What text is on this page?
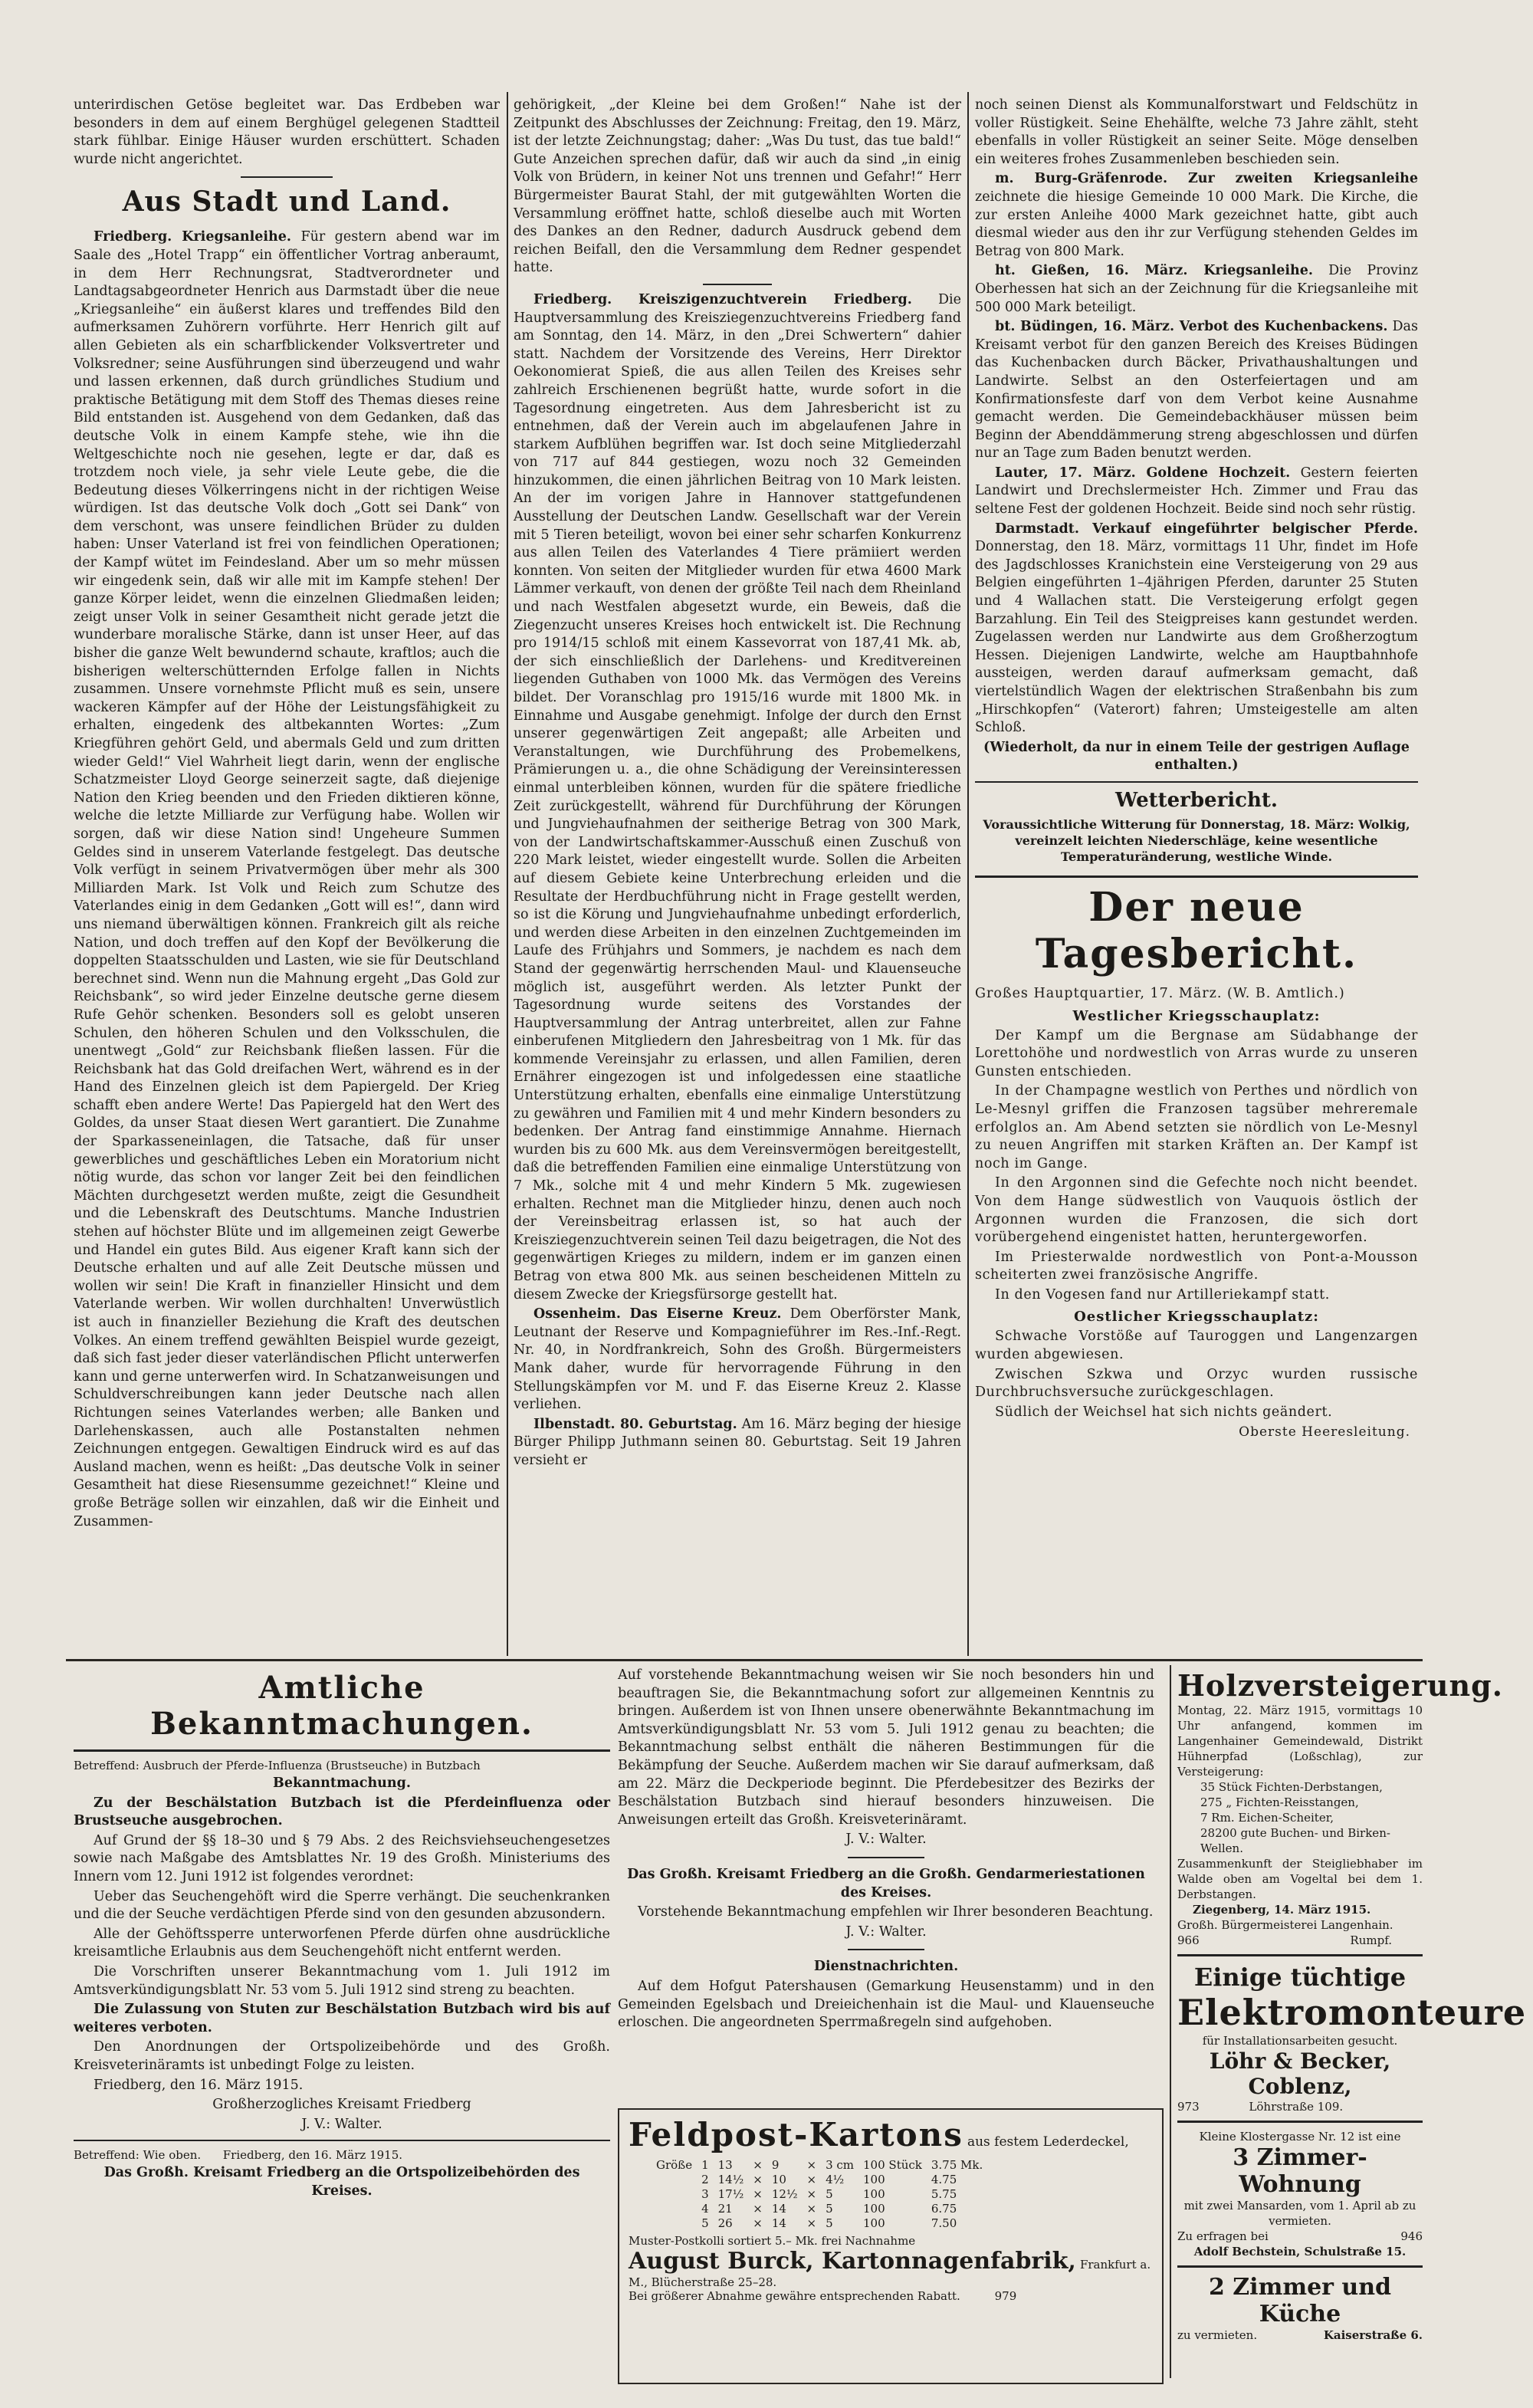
unterirdischen Getöse begleitet war. Das Erdbeben war besonders in dem auf einem Berghügel gelegenen Stadtteil stark fühlbar. Einige Häuser wurden erschüttert. Schaden wurde nicht angerichtet.

Aus Stadt und Land.

Friedberg. Kriegsanleihe. Für gestern abend war im Saale des „Hotel Trapp“ ein öffentlicher Vortrag anberaumt, in dem Herr Rechnungsrat, Stadtverordneter und Landtagsabgeordneter Henrich aus Darmstadt über die neue „Kriegsanleihe“ ein äußerst klares und treffendes Bild den aufmerksamen Zuhörern vorführte. Herr Henrich gilt auf allen Gebieten als ein scharfblickender Volksvertreter und Volksredner; seine Ausführungen sind überzeugend und wahr und lassen erkennen, daß durch gründliches Studium und praktische Betätigung mit dem Stoff des Themas dieses reine Bild entstanden ist. Ausgehend von dem Gedanken, daß das deutsche Volk in einem Kampfe stehe, wie ihn die Weltgeschichte noch nie gesehen, legte er dar, daß es trotzdem noch viele, ja sehr viele Leute gebe, die die Bedeutung dieses Völkerringens nicht in der richtigen Weise würdigen. Ist das deutsche Volk doch „Gott sei Dank“ von dem verschont, was unsere feindlichen Brüder zu dulden haben: Unser Vaterland ist frei von feindlichen Operationen; der Kampf wütet im Feindesland. Aber um so mehr müssen wir eingedenk sein, daß wir alle mit im Kampfe stehen! Der ganze Körper leidet, wenn die einzelnen Gliedmaßen leiden; zeigt unser Volk in seiner Gesamtheit nicht gerade jetzt die wunderbare moralische Stärke, dann ist unser Heer, auf das bisher die ganze Welt bewundernd schaute, kraftlos; auch die bisherigen welterschütternden Erfolge fallen in Nichts zusammen. Unsere vornehmste Pflicht muß es sein, unsere wackeren Kämpfer auf der Höhe der Leistungsfähigkeit zu erhalten, eingedenk des altbekannten Wortes: „Zum Kriegführen gehört Geld, und abermals Geld und zum dritten wieder Geld!“ Viel Wahrheit liegt darin, wenn der englische Schatzmeister Lloyd George seinerzeit sagte, daß diejenige Nation den Krieg beenden und den Frieden diktieren könne, welche die letzte Milliarde zur Verfügung habe. Wollen wir sorgen, daß wir diese Nation sind! Ungeheure Summen Geldes sind in unserem Vaterlande festgelegt. Das deutsche Volk verfügt in seinem Privatvermögen über mehr als 300 Milliarden Mark. Ist Volk und Reich zum Schutze des Vaterlandes einig in dem Gedanken „Gott will es!“, dann wird uns niemand überwältigen können. Frankreich gilt als reiche Nation, und doch treffen auf den Kopf der Bevölkerung die doppelten Staatsschulden und Lasten, wie sie für Deutschland berechnet sind. Wenn nun die Mahnung ergeht „Das Gold zur Reichsbank“, so wird jeder Einzelne deutsche gerne diesem Rufe Gehör schenken. Besonders soll es gelobt unseren Schulen, den höheren Schulen und den Volksschulen, die unentwegt „Gold“ zur Reichsbank fließen lassen. Für die Reichsbank hat das Gold dreifachen Wert, während es in der Hand des Einzelnen gleich ist dem Papiergeld. Der Krieg schafft eben andere Werte! Das Papiergeld hat den Wert des Goldes, da unser Staat diesen Wert garantiert. Die Zunahme der Sparkasseneinlagen, die Tatsache, daß für unser gewerbliches und geschäftliches Leben ein Moratorium nicht nötig wurde, das schon vor langer Zeit bei den feindlichen Mächten durchgesetzt werden mußte, zeigt die Gesundheit und die Lebenskraft des Deutschtums. Manche Industrien stehen auf höchster Blüte und im allgemeinen zeigt Gewerbe und Handel ein gutes Bild. Aus eigener Kraft kann sich der Deutsche erhalten und auf alle Zeit Deutsche müssen und wollen wir sein! Die Kraft in finanzieller Hinsicht und dem Vaterlande werben. Wir wollen durchhalten! Unverwüstlich ist auch in finanzieller Beziehung die Kraft des deutschen Volkes. An einem treffend gewählten Beispiel wurde gezeigt, daß sich fast jeder dieser vaterländischen Pflicht unterwerfen kann und gerne unterwerfen wird. In Schatzanweisungen und Schuldverschreibungen kann jeder Deutsche nach allen Richtungen seines Vaterlandes werben; alle Banken und Darlehenskassen, auch alle Postanstalten nehmen Zeichnungen entgegen. Gewaltigen Eindruck wird es auf das Ausland machen, wenn es heißt: „Das deutsche Volk in seiner Gesamtheit hat diese Riesensumme gezeichnet!“ Kleine und große Beträge sollen wir einzahlen, daß wir die Einheit und Zusammen-

gehörigkeit, „der Kleine bei dem Großen!“ Nahe ist der Zeitpunkt des Abschlusses der Zeichnung: Freitag, den 19. März, ist der letzte Zeichnungstag; daher: „Was Du tust, das tue bald!“ Gute Anzeichen sprechen dafür, daß wir auch da sind „in einig Volk von Brüdern, in keiner Not uns trennen und Gefahr!“ Herr Bürgermeister Baurat Stahl, der mit gutgewählten Worten die Versammlung eröffnet hatte, schloß dieselbe auch mit Worten des Dankes an den Redner, dadurch Ausdruck gebend dem reichen Beifall, den die Versammlung dem Redner gespendet hatte.

Friedberg. Kreiszigenzuchtverein Friedberg. Die Hauptversammlung des Kreisziegenzuchtvereins Friedberg fand am Sonntag, den 14. März, in den „Drei Schwertern“ dahier statt. Nachdem der Vorsitzende des Vereins, Herr Direktor Oekonomierat Spieß, die aus allen Teilen des Kreises sehr zahlreich Erschienenen begrüßt hatte, wurde sofort in die Tagesordnung eingetreten. Aus dem Jahresbericht ist zu entnehmen, daß der Verein auch im abgelaufenen Jahre in starkem Aufblühen begriffen war. Ist doch seine Mitgliederzahl von 717 auf 844 gestiegen, wozu noch 32 Gemeinden hinzukommen, die einen jährlichen Beitrag von 10 Mark leisten. An der im vorigen Jahre in Hannover stattgefundenen Ausstellung der Deutschen Landw. Gesellschaft war der Verein mit 5 Tieren beteiligt, wovon bei einer sehr scharfen Konkurrenz aus allen Teilen des Vaterlandes 4 Tiere prämiiert werden konnten. Von seiten der Mitglieder wurden für etwa 4600 Mark Lämmer verkauft, von denen der größte Teil nach dem Rheinland und nach Westfalen abgesetzt wurde, ein Beweis, daß die Ziegenzucht unseres Kreises hoch entwickelt ist. Die Rechnung pro 1914/15 schloß mit einem Kassevorrat von 187,41 Mk. ab, der sich einschließlich der Darlehens- und Kreditvereinen liegenden Guthaben von 1000 Mk. das Vermögen des Vereins bildet. Der Voranschlag pro 1915/16 wurde mit 1800 Mk. in Einnahme und Ausgabe genehmigt. Infolge der durch den Ernst unserer gegenwärtigen Zeit angepaßt; alle Arbeiten und Veranstaltungen, wie Durchführung des Probemelkens, Prämierungen u. a., die ohne Schädigung der Vereinsinteressen einmal unterbleiben können, wurden für die spätere friedliche Zeit zurückgestellt, während für Durchführung der Körungen und Jungviehaufnahmen der seitherige Betrag von 300 Mark, von der Landwirtschaftskammer-Ausschuß einen Zuschuß von 220 Mark leistet, wieder eingestellt wurde. Sollen die Arbeiten auf diesem Gebiete keine Unterbrechung erleiden und die Resultate der Herdbuchführung nicht in Frage gestellt werden, so ist die Körung und Jungviehaufnahme unbedingt erforderlich, und werden diese Arbeiten in den einzelnen Zuchtgemeinden im Laufe des Frühjahrs und Sommers, je nachdem es nach dem Stand der gegenwärtig herrschenden Maul- und Klauenseuche möglich ist, ausgeführt werden. Als letzter Punkt der Tagesordnung wurde seitens des Vorstandes der Hauptversammlung der Antrag unterbreitet, allen zur Fahne einberufenen Mitgliedern den Jahresbeitrag von 1 Mk. für das kommende Vereinsjahr zu erlassen, und allen Familien, deren Ernährer eingezogen ist und infolgedessen eine staatliche Unterstützung erhalten, ebenfalls eine einmalige Unterstützung zu gewähren und Familien mit 4 und mehr Kindern besonders zu bedenken. Der Antrag fand einstimmige Annahme. Hiernach wurden bis zu 600 Mk. aus dem Vereinsvermögen bereitgestellt, daß die betreffenden Familien eine einmalige Unterstützung von 7 Mk., solche mit 4 und mehr Kindern 5 Mk. zugewiesen erhalten. Rechnet man die Mitglieder hinzu, denen auch noch der Vereinsbeitrag erlassen ist, so hat auch der Kreisziegenzuchtverein seinen Teil dazu beigetragen, die Not des gegenwärtigen Krieges zu mildern, indem er im ganzen einen Betrag von etwa 800 Mk. aus seinen bescheidenen Mitteln zu diesem Zwecke der Kriegsfürsorge gestellt hat.

Ossenheim. Das Eiserne Kreuz. Dem Oberförster Mank, Leutnant der Reserve und Kompagnieführer im Res.-Inf.-Regt. Nr. 40, in Nordfrankreich, Sohn des Großh. Bürgermeisters Mank daher, wurde für hervorragende Führung in den Stellungskämpfen vor M. und F. das Eiserne Kreuz 2. Klasse verliehen.

Ilbenstadt. 80. Geburtstag. Am 16. März beging der hiesige Bürger Philipp Juthmann seinen 80. Geburtstag. Seit 19 Jahren versieht er

noch seinen Dienst als Kommunalforstwart und Feldschütz in voller Rüstigkeit. Seine Ehehälfte, welche 73 Jahre zählt, steht ebenfalls in voller Rüstigkeit an seiner Seite. Möge denselben ein weiteres frohes Zusammenleben beschieden sein.

m. Burg-Gräfenrode. Zur zweiten Kriegsanleihe zeichnete die hiesige Gemeinde 10 000 Mark. Die Kirche, die zur ersten Anleihe 4000 Mark gezeichnet hatte, gibt auch diesmal wieder aus den ihr zur Verfügung stehenden Geldes im Betrag von 800 Mark.

ht. Gießen, 16. März. Kriegsanleihe. Die Provinz Oberhessen hat sich an der Zeichnung für die Kriegsanleihe mit 500 000 Mark beteiligt.

bt. Büdingen, 16. März. Verbot des Kuchenbackens. Das Kreisamt verbot für den ganzen Bereich des Kreises Büdingen das Kuchenbacken durch Bäcker, Privathaushaltungen und Landwirte. Selbst an den Osterfeiertagen und am Konfirmationsfeste darf von dem Verbot keine Ausnahme gemacht werden. Die Gemeindebackhäuser müssen beim Beginn der Abenddämmerung streng abgeschlossen und dürfen nur an Tage zum Baden benutzt werden.

Lauter, 17. März. Goldene Hochzeit. Gestern feierten Landwirt und Drechslermeister Hch. Zimmer und Frau das seltene Fest der goldenen Hochzeit. Beide sind noch sehr rüstig.

Darmstadt. Verkauf eingeführter belgischer Pferde. Donnerstag, den 18. März, vormittags 11 Uhr, findet im Hofe des Jagdschlosses Kranichstein eine Versteigerung von 29 aus Belgien eingeführten 1–4jährigen Pferden, darunter 25 Stuten und 4 Wallachen statt. Die Versteigerung erfolgt gegen Barzahlung. Ein Teil des Steigpreises kann gestundet werden. Zugelassen werden nur Landwirte aus dem Großherzogtum Hessen. Diejenigen Landwirte, welche am Hauptbahnhofe aussteigen, werden darauf aufmerksam gemacht, daß viertelstündlich Wagen der elektrischen Straßenbahn bis zum „Hirschkopfen“ (Vaterort) fahren; Umsteigestelle am alten Schloß.

(Wiederholt, da nur in einem Teile der gestrigen Auflage enthalten.)

Wetterbericht.
Voraussichtliche Witterung für Donnerstag, 18. März: Wolkig, vereinzelt leichten Niederschläge, keine wesentliche Temperaturänderung, westliche Winde.
Der neue Tagesbericht.

Großes Hauptquartier, 17. März. (W. B. Amtlich.)

Westlicher Kriegsschauplatz:

Der Kampf um die Bergnase am Südabhange der Lorettohöhe und nordwestlich von Arras wurde zu unseren Gunsten entschieden.

In der Champagne westlich von Perthes und nördlich von Le-Mesnyl griffen die Franzosen tagsüber mehreremale erfolglos an. Am Abend setzten sie nördlich von Le-Mesnyl zu neuen Angriffen mit starken Kräften an. Der Kampf ist noch im Gange.

In den Argonnen sind die Gefechte noch nicht beendet. Von dem Hange südwestlich von Vauquois östlich der Argonnen wurden die Franzosen, die sich dort vorübergehend eingenistet hatten, heruntergeworfen.

Im Priesterwalde nordwestlich von Pont-a-Mousson scheiterten zwei französische Angriffe.

In den Vogesen fand nur Artilleriekampf statt.

Oestlicher Kriegsschauplatz:

Schwache Vorstöße auf Tauroggen und Langenzargen wurden abgewiesen.

Zwischen Szkwa und Orzyc wurden russische Durchbruchsversuche zurückgeschlagen.

Südlich der Weichsel hat sich nichts geändert.

Oberste Heeresleitung.
Amtliche Bekanntmachungen.

Betreffend: Ausbruch der Pferde-Influenza (Brustseuche) in Butzbach

Bekanntmachung.

Zu der Beschälstation Butzbach ist die Pferdeinfluenza oder Brustseuche ausgebrochen.

Auf Grund der §§ 18–30 und § 79 Abs. 2 des Reichsviehseuchengesetzes sowie nach Maßgabe des Amtsblattes Nr. 19 des Großh. Ministeriums des Innern vom 12. Juni 1912 ist folgendes verordnet:

Ueber das Seuchengehöft wird die Sperre verhängt. Die seuchenkranken und die der Seuche verdächtigen Pferde sind von den gesunden abzusondern.

Alle der Gehöftssperre unterworfenen Pferde dürfen ohne ausdrückliche kreisamtliche Erlaubnis aus dem Seuchengehöft nicht entfernt werden.

Die Vorschriften unserer Bekanntmachung vom 1. Juli 1912 im Amtsverkündigungsblatt Nr. 53 vom 5. Juli 1912 sind streng zu beachten.

Die Zulassung von Stuten zur Beschälstation Butzbach wird bis auf weiteres verboten.

Den Anordnungen der Ortspolizeibehörde und des Großh. Kreisveterinäramts ist unbedingt Folge zu leisten.

Friedberg, den 16. März 1915.

Großherzogliches Kreisamt Friedberg

J. V.: Walter.

Betreffend: Wie oben. Friedberg, den 16. März 1915.

Das Großh. Kreisamt Friedberg an die Ortspolizeibehörden des Kreises.

Auf vorstehende Bekanntmachung weisen wir Sie noch besonders hin und beauftragen Sie, die Bekanntmachung sofort zur allgemeinen Kenntnis zu bringen. Außerdem ist von Ihnen unsere obenerwähnte Bekanntmachung im Amtsverkündigungsblatt Nr. 53 vom 5. Juli 1912 genau zu beachten; die Bekanntmachung selbst enthält die näheren Bestimmungen für die Bekämpfung der Seuche. Außerdem machen wir Sie darauf aufmerksam, daß am 22. März die Deckperiode beginnt. Die Pferdebesitzer des Bezirks der Beschälstation Butzbach sind hierauf besonders hinzuweisen. Die Anweisungen erteilt das Großh. Kreisveterinäramt.

J. V.: Walter.

Das Großh. Kreisamt Friedberg an die Großh. Gendarmeriestationen des Kreises.

Vorstehende Bekanntmachung empfehlen wir Ihrer besonderen Beachtung.

J. V.: Walter.

Dienstnachrichten.

Auf dem Hofgut Patershausen (Gemarkung Heusenstamm) und in den Gemeinden Egelsbach und Dreieichenhain ist die Maul- und Klauenseuche erloschen. Die angeordneten Sperrmaßregeln sind aufgehoben.

Feldpost-Kartons aus festem Lederdeckel,
Größe	1	13	×	9	×	3 cm	100 Stück	3.75 Mk.
	2	14½	×	10	×	4½	100	4.75
	3	17½	×	12½	×	5	100	5.75
	4	21	×	14	×	5	100	6.75
	5	26	×	14	×	5	100	7.50
Muster-Postkolli sortiert 5.– Mk. frei Nachnahme
August Burck, Kartonnagenfabrik, Frankfurt a. M., Blücherstraße 25–28.
Bei größerer Abnahme gewähre entsprechenden Rabatt.	979
Holzversteigerung.
Montag, 22. März 1915, vormittags 10 Uhr anfangend, kommen im Langenhainer Gemeindewald, Distrikt Hühnerpfad (Loßschlag), zur Versteigerung:
35 Stück Fichten-Derbstangen,
275 „ Fichten-Reisstangen,
7 Rm. Eichen-Scheiter,
28200 gute Buchen- und Birken-Wellen.
Zusammenkunft der Steigliebhaber im Walde oben am Vogeltal bei dem 1. Derbstangen.
Ziegenberg, 14. März 1915.
Großh. Bürgermeisterei Langenhain.
966	Rumpf.
Einige tüchtige
Elektromonteure
für Installationsarbeiten gesucht.
Löhr & Becker, Coblenz,
973	Löhrstraße 109.
Kleine Klostergasse Nr. 12 ist eine
3 Zimmer-Wohnung
mit zwei Mansarden, vom 1. April ab zu vermieten.
Zu erfragen bei	946
Adolf Bechstein, Schulstraße 15.
2 Zimmer und Küche
zu vermieten.	Kaiserstraße 6.
